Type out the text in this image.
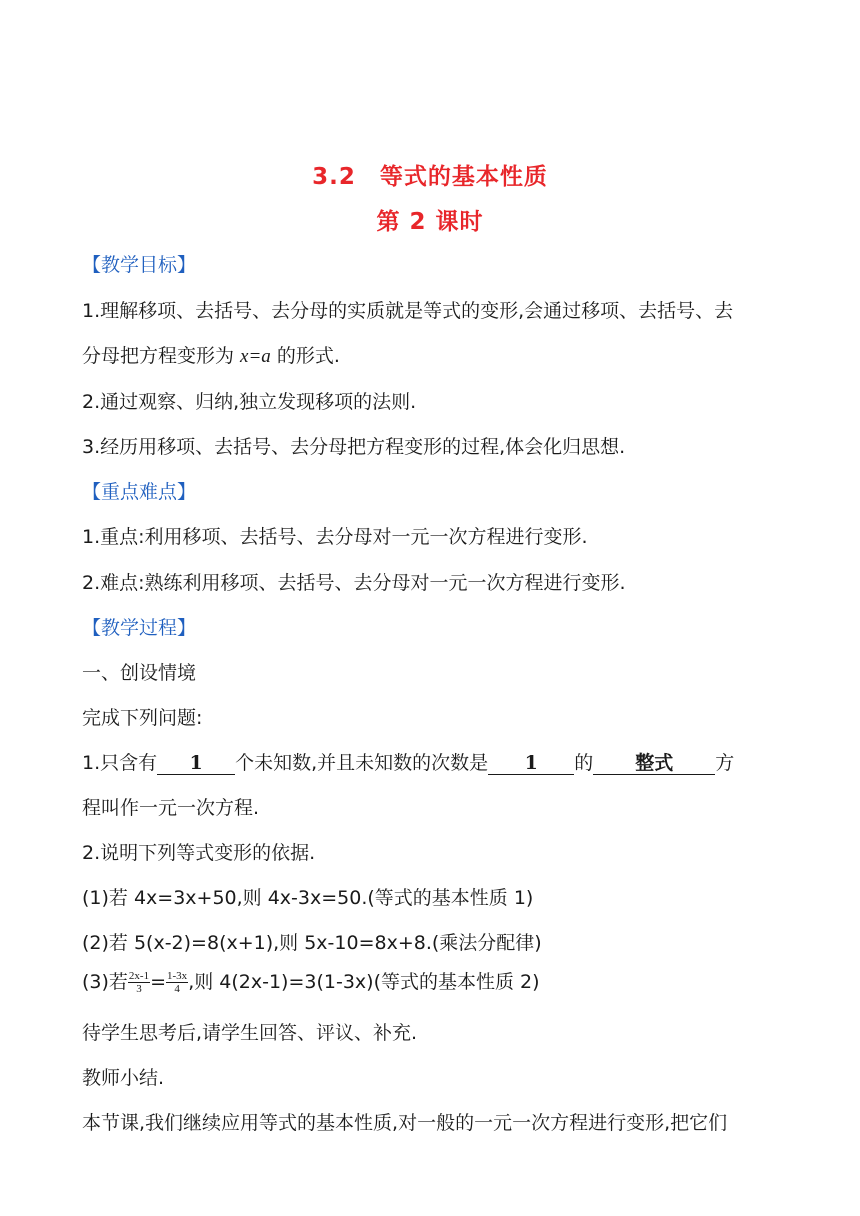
3.2　等式的基本性质
第 2 课时
【教学目标】
1.理解移项、去括号、去分母的实质就是等式的变形,会通过移项、去括号、去
分母把方程变形为 x=a 的形式.
2.通过观察、归纳,独立发现移项的法则.
3.经历用移项、去括号、去分母把方程变形的过程,体会化归思想.
【重点难点】
1.重点:利用移项、去括号、去分母对一元一次方程进行变形.
2.难点:熟练利用移项、去括号、去分母对一元一次方程进行变形.
【教学过程】
一、创设情境
完成下列问题:
1.只含有 1 个未知数,并且未知数的次数是 1 的 整式 方
程叫作一元一次方程.
2.说明下列等式变形的依据.
(1)若 4x=3x+50,则 4x-3x=50.(等式的基本性质 1)
(2)若 5(x-2)=8(x+1),则 5x-10=8x+8.(乘法分配律)
(3)若 $\frac{2x-1}{3} = \frac{1-3x}{4}$ ,则 4(2x-1)=3(1-3x)(等式的基本性质 2)
待学生思考后,请学生回答、评议、补充.
教师小结.
本节课,我们继续应用等式的基本性质,对一般的一元一次方程进行变形,把它们
